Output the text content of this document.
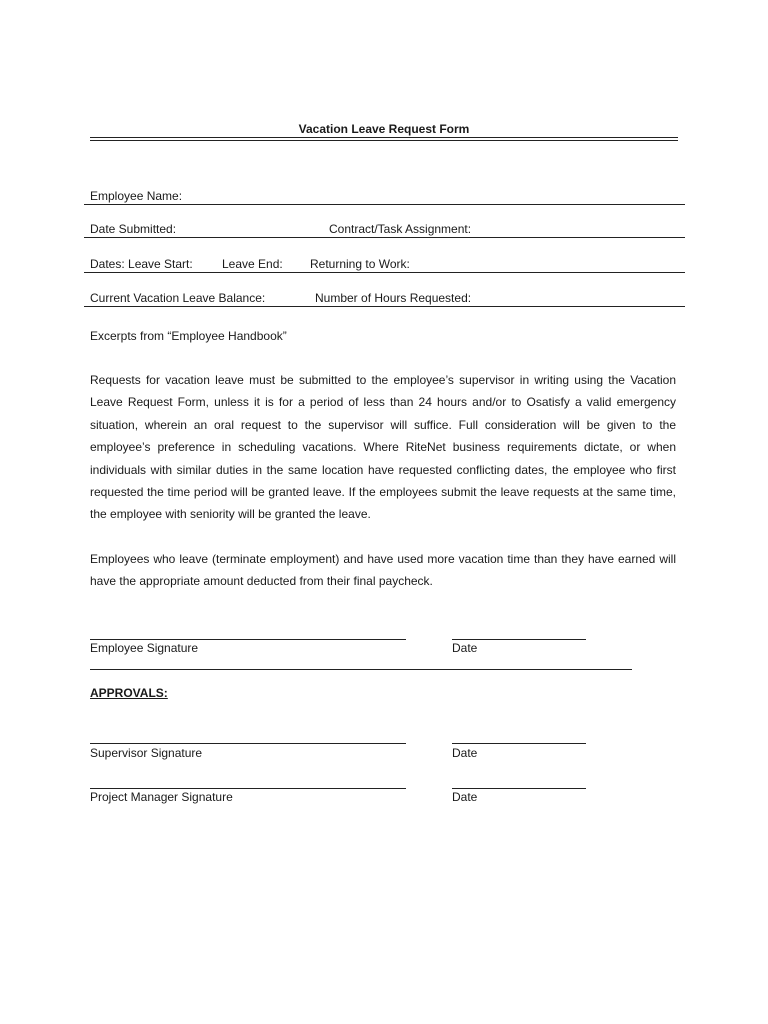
Vacation Leave Request Form
Employee Name:
Date Submitted:	Contract/Task Assignment:
Dates: Leave Start: Leave End: Returning to Work:
Current Vacation Leave Balance:	Number of Hours Requested:
Excerpts from “Employee Handbook”
Requests for vacation leave must be submitted to the employee’s supervisor in writing using the Vacation Leave Request Form, unless it is for a period of less than 24 hours and/or to Osatisfy a valid emergency situation, wherein an oral request to the supervisor will suffice. Full consideration will be given to the employee’s preference in scheduling vacations. Where RiteNet business requirements dictate, or when individuals with similar duties in the same location have requested conflicting dates, the employee who first requested the time period will be granted leave. If the employees submit the leave requests at the same time, the employee with seniority will be granted the leave.
Employees who leave (terminate employment) and have used more vacation time than they have earned will have the appropriate amount deducted from their final paycheck.
Employee Signature	Date
APPROVALS:
Supervisor Signature	Date
Project Manager Signature	Date
